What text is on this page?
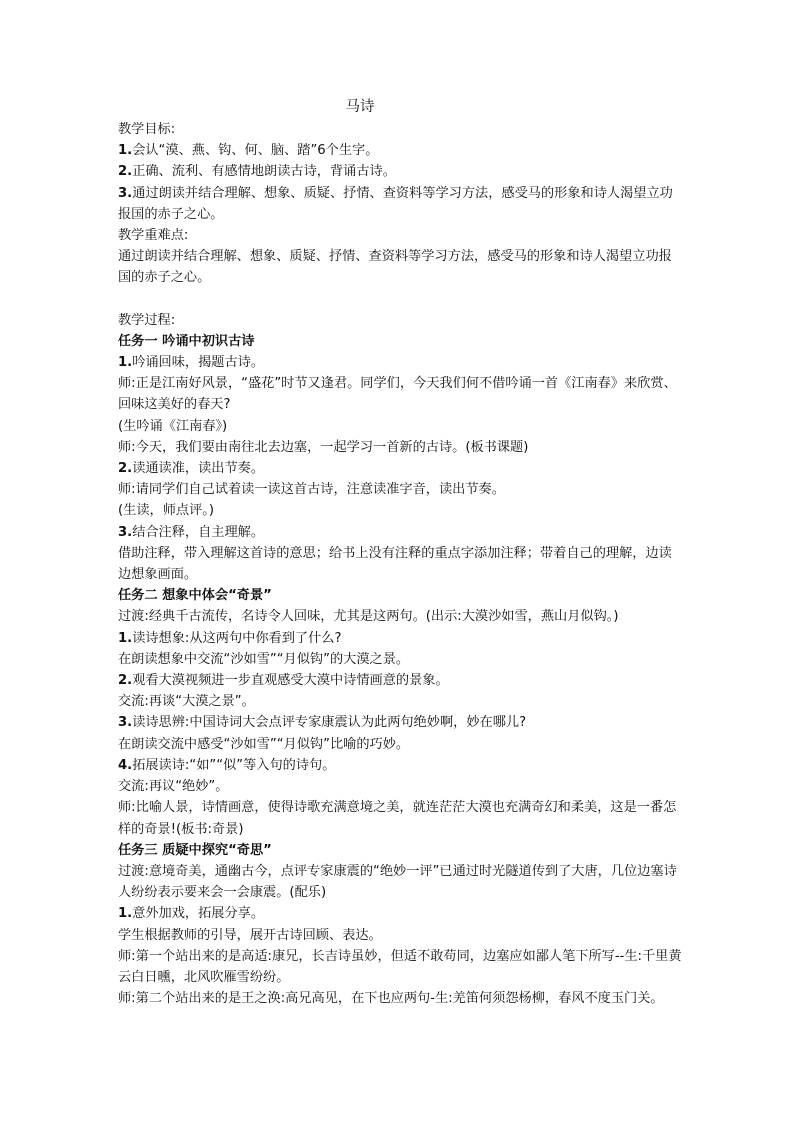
马诗

教学目标:

1.会认“漠、燕、钩、何、脑、踏”6个生字。

2.正确、流利、有感情地朗读古诗，背诵古诗。

3.通过朗读并结合理解、想象、质疑、抒情、查资料等学习方法，感受马的形象和诗人渴望立功报国的赤子之心。

教学重难点:

通过朗读并结合理解、想象、质疑、抒情、查资料等学习方法，感受马的形象和诗人渴望立功报国的赤子之心。

教学过程:

任务一 吟诵中初识古诗

1.吟诵回味，揭题古诗。

师:正是江南好风景，“盛花”时节又逢君。同学们，今天我们何不借吟诵一首《江南春》来欣赏、回味这美好的春天?

(生吟诵《江南春》)

师:今天，我们要由南往北去边塞，一起学习一首新的古诗。(板书课题)

2.读通读准，读出节奏。

师:请同学们自己试着读一读这首古诗，注意读准字音，读出节奏。

(生读，师点评。)

3.结合注释，自主理解。

借助注释，带入理解这首诗的意思；给书上没有注释的重点字添加注释；带着自己的理解，边读边想象画面。

任务二 想象中体会“奇景”

过渡:经典千古流传，名诗令人回味，尤其是这两句。(出示:大漠沙如雪，燕山月似钩。)

1.读诗想象:从这两句中你看到了什么?

在朗读想象中交流“沙如雪”“月似钩”的大漠之景。

2.观看大漠视频进一步直观感受大漠中诗情画意的景象。

交流:再谈“大漠之景”。

3.读诗思辨:中国诗词大会点评专家康震认为此两句绝妙啊，妙在哪儿?

在朗读交流中感受“沙如雪”“月似钩”比喻的巧妙。

4.拓展读诗:“如”“似”等入句的诗句。

交流:再议“绝妙”。

师:比喻人景，诗情画意，使得诗歌充满意境之美，就连茫茫大漠也充满奇幻和柔美，这是一番怎样的奇景!(板书:奇景)

任务三 质疑中探究“奇思”

过渡:意境奇美，通幽古今，点评专家康震的“绝妙一评”已通过时光隧道传到了大唐，几位边塞诗人纷纷表示要来会一会康震。(配乐)

1.意外加戏，拓展分享。

学生根据教师的引导，展开古诗回顾、表达。

师:第一个站出来的是高适:康兄，长吉诗虽妙，但适不敢苟同，边塞应如鄙人笔下所写--生:千里黄云白日曛，北风吹雁雪纷纷。

师:第二个站出来的是王之涣:高兄高见，在下也应两句-生:羌笛何须怨杨柳，春风不度玉门关。
